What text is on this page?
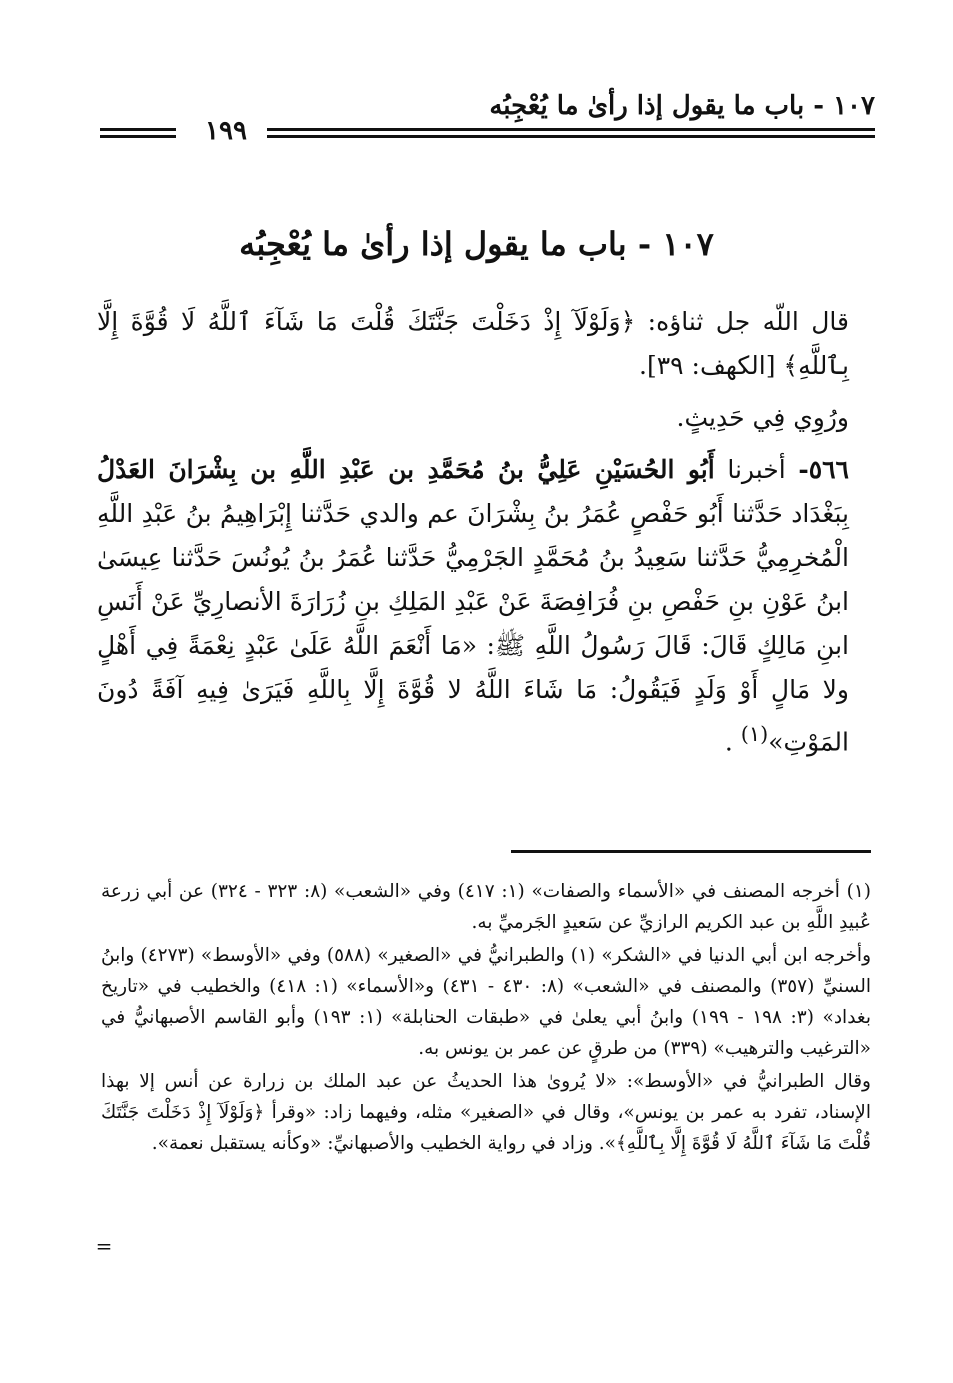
١٠٧ - باب ما يقول إذا رأىٰ ما يُعْجِبُه
١٩٩
١٠٧ - باب ما يقول إذا رأىٰ ما يُعْجِبُه

قال اللّه جل ثناؤه: ﴿وَلَوْلَآ إِذْ دَخَلْتَ جَنَّتَكَ قُلْتَ مَا شَآءَ ٱللَّهُ لَا قُوَّةَ إِلَّا بِٱللَّهِ﴾ [الكهف: ٣٩].

ورُوِي فِي حَدِيثٍ.

٥٦٦- أخبرنا أَبُو الحُسَيْنِ عَلِيُّ بنُ مُحَمَّدِ بن عَبْدِ اللَّهِ بن بِشْرَانَ العَدْلُ بِبَغْدَاد حَدَّثنا أَبُو حَفْصٍ عُمَرُ بنُ بِشْرَانَ عم والدي حَدَّثنا إِبْرَاهِيمُ بنُ عَبْدِ اللَّهِ الْمُخرِمِيُّ حَدَّثنا سَعِيدُ بنُ مُحَمَّدٍ الجَرْمِيُّ حَدَّثنا عُمَرُ بنُ يُونُسَ حَدَّثنا عِيسَىٰ ابنُ عَوْنِ بنِ حَفْصِ بنِ فُرَافِصَةَ عَنْ عَبْدِ المَلِكِ بنِ زُرَارَةَ الأنصارِيِّ عَنْ أَنَسِ ابنِ مَالِكٍ قَالَ: قَالَ رَسُولُ اللَّهِ ﷺ: «مَا أَنْعَمَ اللَّهُ عَلَىٰ عَبْدٍ نِعْمَةً فِي أَهْلٍ ولا مَالٍ أَوْ وَلَدٍ فَيَقُولُ: مَا شَاءَ اللَّهُ لا قُوَّةَ إِلَّا بِاللَّهِ فَيَرَىٰ فِيهِ آفَةً دُونَ المَوْتِ»$^{(١)}$ .

(١) أخرجه المصنف في «الأسماء والصفات» (١: ٤١٧) وفي «الشعب» (٨: ٣٢٣ - ٣٢٤) عن أبي زرعة عُبيدِ اللَّهِ بن عبد الكريم الرازيِّ عن سَعيدٍ الجَرميِّ به.

وأخرجه ابن أبي الدنيا في «الشكر» (١) والطبرانيُّ في «الصغير» (٥٨٨) وفي «الأوسط» (٤٢٧٣) وابنُ السنيِّ (٣٥٧) والمصنف في «الشعب» (٨: ٤٣٠ - ٤٣١) و«الأسماء» (١: ٤١٨) والخطيب في «تاريخ بغداد» (٣: ١٩٨ - ١٩٩) وابنُ أبي يعلىٰ في «طبقات الحنابلة» (١: ١٩٣) وأبو القاسم الأصبهانيُّ في «الترغيب والترهيب» (٣٣٩) من طرقٍ عن عمر بن يونس به.

وقال الطبرانيُّ في «الأوسط»: «لا يُروىٰ هذا الحديثُ عن عبد الملك بن زرارة عن أنس إلا بهذا الإسناد، تفرد به عمر بن يونس»، وقال في «الصغير» مثله، وفيهما زاد: «وقرأ ﴿وَلَوْلَآ إِذْ دَخَلْتَ جَنَّتَكَ قُلْتَ مَا شَآءَ ٱللَّهُ لَا قُوَّةَ إِلَّا بِٱللَّهِ﴾». وزاد في رواية الخطيب والأصبهانيِّ: «وكأنه يستقبل نعمة».

=
